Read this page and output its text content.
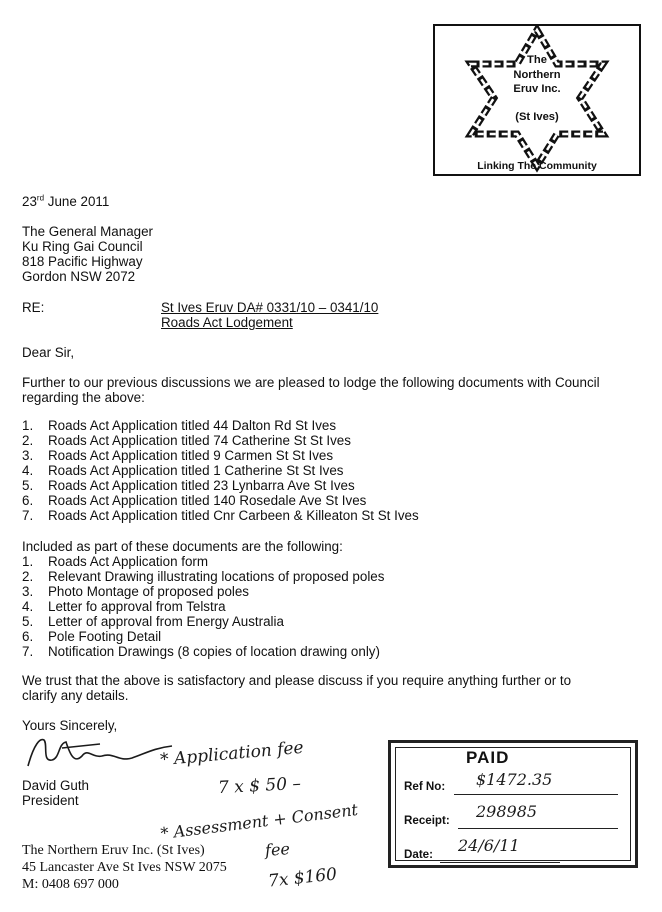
The
Northern
Eruv Inc.
(St Ives)
Linking The Community
23rd June 2011
The General Manager
Ku Ring Gai Council
818 Pacific Highway
Gordon NSW 2072
RE:	St Ives Eruv DA# 0331/10 – 0341/10
Roads Act Lodgement
Dear Sir,
Further to our previous discussions we are pleased to lodge the following documents with Council
regarding the above:
1. Roads Act Application titled 44 Dalton Rd St Ives
2. Roads Act Application titled 74 Catherine St St Ives
3. Roads Act Application titled 9 Carmen St St Ives
4. Roads Act Application titled 1 Catherine St St Ives
5. Roads Act Application titled 23 Lynbarra Ave St Ives
6. Roads Act Application titled 140 Rosedale Ave St Ives
7. Roads Act Application titled Cnr Carbeen & Killeaton St St Ives
Included as part of these documents are the following:
1. Roads Act Application form
2. Relevant Drawing illustrating locations of proposed poles
3. Photo Montage of proposed poles
4. Letter fo approval from Telstra
5. Letter of approval from Energy Australia
6. Pole Footing Detail
7. Notification Drawings (8 copies of location drawing only)
We trust that the above is satisfactory and please discuss if you require anything further or to
clarify any details.
Yours Sincerely,
David Guth
President
The Northern Eruv Inc. (St Ives)
45 Lancaster Ave St Ives NSW 2075
M: 0408 697 000
* Application fee
7 x $ 50 –
* Assessment + Consent
fee
7x $160
PAID
Ref No: $1472.35
Receipt: 298985
Date: 24/6/11
